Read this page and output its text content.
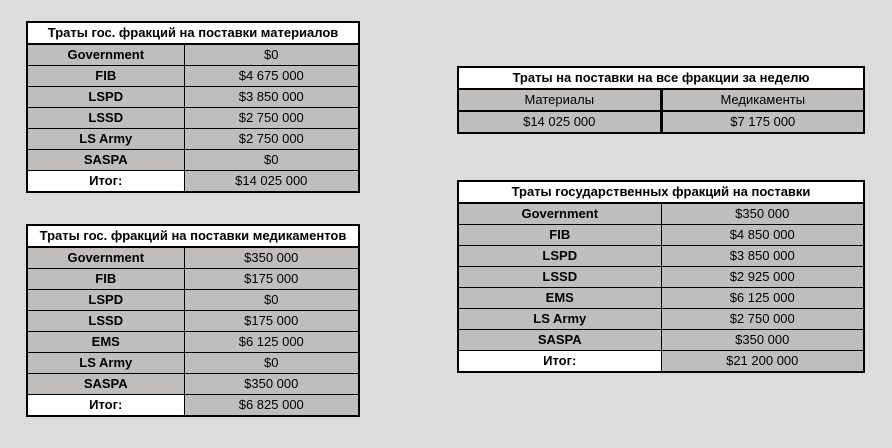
Траты гос. фракций на поставки материалов	
Government	$0
FIB	$4 675 000
LSPD	$3 850 000
LSSD	$2 750 000
LS Army	$2 750 000
SASPA	$0
Итог:	$14 025 000
Траты гос. фракций на поставки медикаментов	
Government	$350 000
FIB	$175 000
LSPD	$0
LSSD	$175 000
EMS	$6 125 000
LS Army	$0
SASPA	$350 000
Итог:	$6 825 000
Траты на поставки на все фракции за неделю	
Материалы	Медикаменты
$14 025 000	$7 175 000
Траты государственных фракций на поставки	
Government	$350 000
FIB	$4 850 000
LSPD	$3 850 000
LSSD	$2 925 000
EMS	$6 125 000
LS Army	$2 750 000
SASPA	$350 000
Итог:	$21 200 000
